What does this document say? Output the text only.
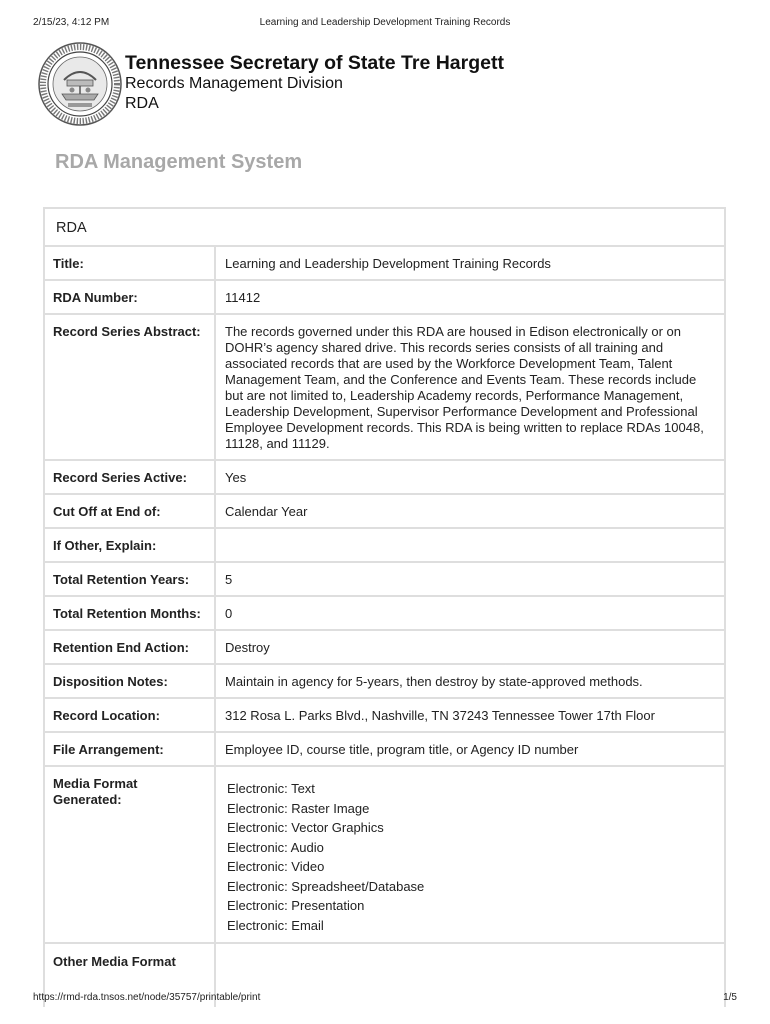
2/15/23, 4:12 PM	Learning and Leadership Development Training Records
Tennessee Secretary of State Tre Hargett
Records Management Division
RDA
RDA Management System
RDA
Title:	Learning and Leadership Development Training Records
RDA Number:	11412
Record Series Abstract:	The records governed under this RDA are housed in Edison electronically or on DOHR’s agency shared drive. This records series consists of all training and associated records that are used by the Workforce Development Team, Talent Management Team, and the Conference and Events Team. These records include but are not limited to, Leadership Academy records, Performance Management, Leadership Development, Supervisor Performance Development and Professional Employee Development records. This RDA is being written to replace RDAs 10048, 11128, and 11129.
Record Series Active:	Yes
Cut Off at End of:	Calendar Year
If Other, Explain:
Total Retention Years:	5
Total Retention Months:	0
Retention End Action:	Destroy
Disposition Notes:	Maintain in agency for 5-years, then destroy by state-approved methods.
Record Location:	312 Rosa L. Parks Blvd., Nashville, TN 37243 Tennessee Tower 17th Floor
File Arrangement:	Employee ID, course title, program title, or Agency ID number
Media Format Generated:
Electronic: Text
Electronic: Raster Image
Electronic: Vector Graphics
Electronic: Audio
Electronic: Video
Electronic: Spreadsheet/Database
Electronic: Presentation
Electronic: Email
Other Media Format
https://rmd-rda.tnsos.net/node/35757/printable/print	1/5
